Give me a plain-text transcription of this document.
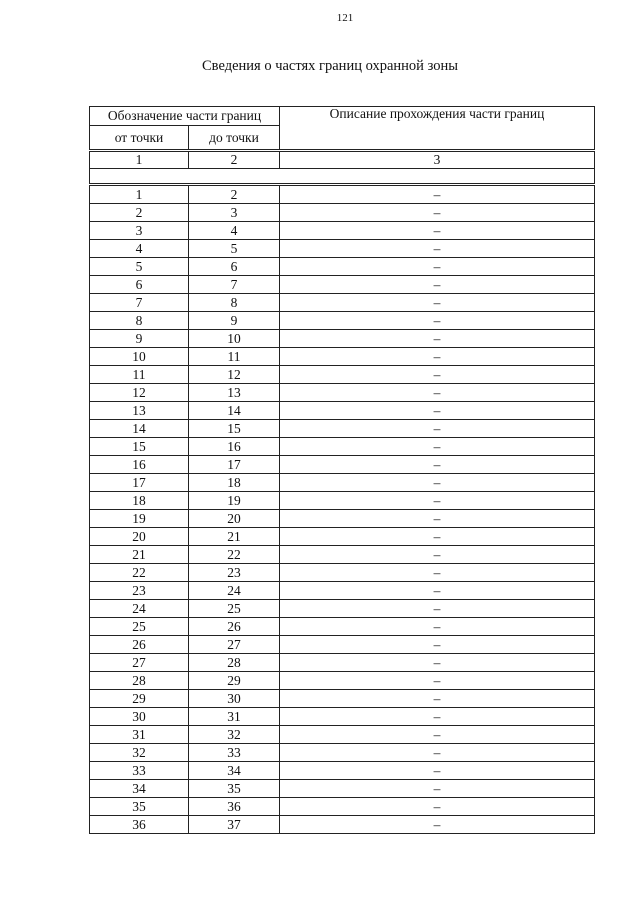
121
Сведения о частях границ охранной зоны
Обозначение части границ		Описание прохождения части границ
от точки	до точки	
1	2	3

1	2	–
2	3	–
3	4	–
4	5	–
5	6	–
6	7	–
7	8	–
8	9	–
9	10	–
10	11	–
11	12	–
12	13	–
13	14	–
14	15	–
15	16	–
16	17	–
17	18	–
18	19	–
19	20	–
20	21	–
21	22	–
22	23	–
23	24	–
24	25	–
25	26	–
26	27	–
27	28	–
28	29	–
29	30	–
30	31	–
31	32	–
32	33	–
33	34	–
34	35	–
35	36	–
36	37	–
